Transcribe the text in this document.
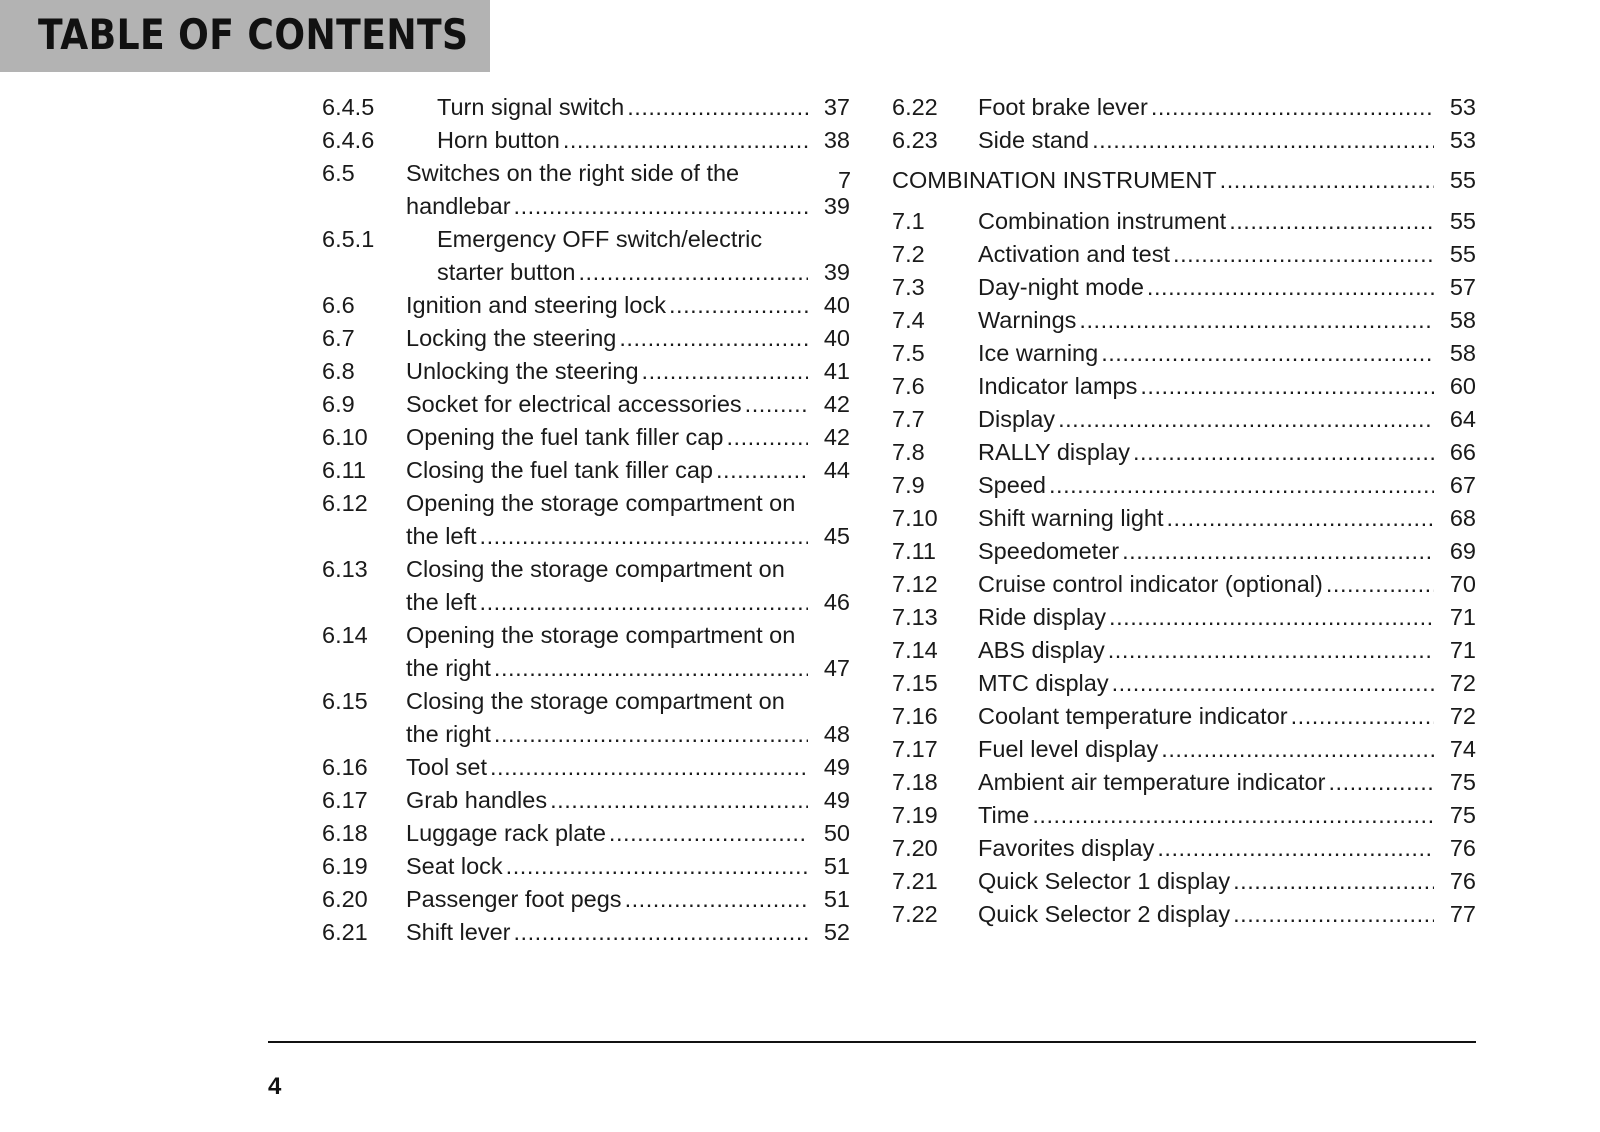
TABLE OF CONTENTS
6.4.5	Turn signal switch . . .	37
6.4.6	Horn button . . .	38
6.5 Switches on the right side of the
handlebar . . .	39
6.5.1	Emergency OFF switch/electric
starter button . . .	39
6.6 Ignition and steering lock . . .	40
6.7 Locking the steering . . .	40
6.8 Unlocking the steering . . .	41
6.9 Socket for electrical accessories . . .	42
6.10 Opening the fuel tank filler cap . . .	42
6.11 Closing the fuel tank filler cap . . .	44
6.12 Opening the storage compartment on
the left . . .	45
6.13 Closing the storage compartment on
the left . . .	46
6.14 Opening the storage compartment on
the right . . .	47
6.15 Closing the storage compartment on
the right . . .	48
6.16 Tool set . . .	49
6.17 Grab handles . . .	49
6.18 Luggage rack plate . . .	50
6.19 Seat lock . . .	51
6.20 Passenger foot pegs . . .	51
6.21 Shift lever . . .	52
6.22 Foot brake lever . . .	53
6.23 Side stand . . .	53
7 COMBINATION INSTRUMENT . . .	55
7.1 Combination instrument . . .	55
7.2 Activation and test . . .	55
7.3 Day-night mode . . .	57
7.4 Warnings . . .	58
7.5 Ice warning . . .	58
7.6 Indicator lamps . . .	60
7.7 Display . . .	64
7.8 RALLY display . . .	66
7.9 Speed . . .	67
7.10 Shift warning light . . .	68
7.11 Speedometer . . .	69
7.12 Cruise control indicator (optional) . . .	70
7.13 Ride display . . .	71
7.14 ABS display . . .	71
7.15 MTC display . . .	72
7.16 Coolant temperature indicator . . .	72
7.17 Fuel level display . . .	74
7.18 Ambient air temperature indicator . . .	75
7.19 Time . . .	75
7.20 Favorites display . . .	76
7.21 Quick Selector 1 display . . .	76
7.22 Quick Selector 2 display . . .	77
4
